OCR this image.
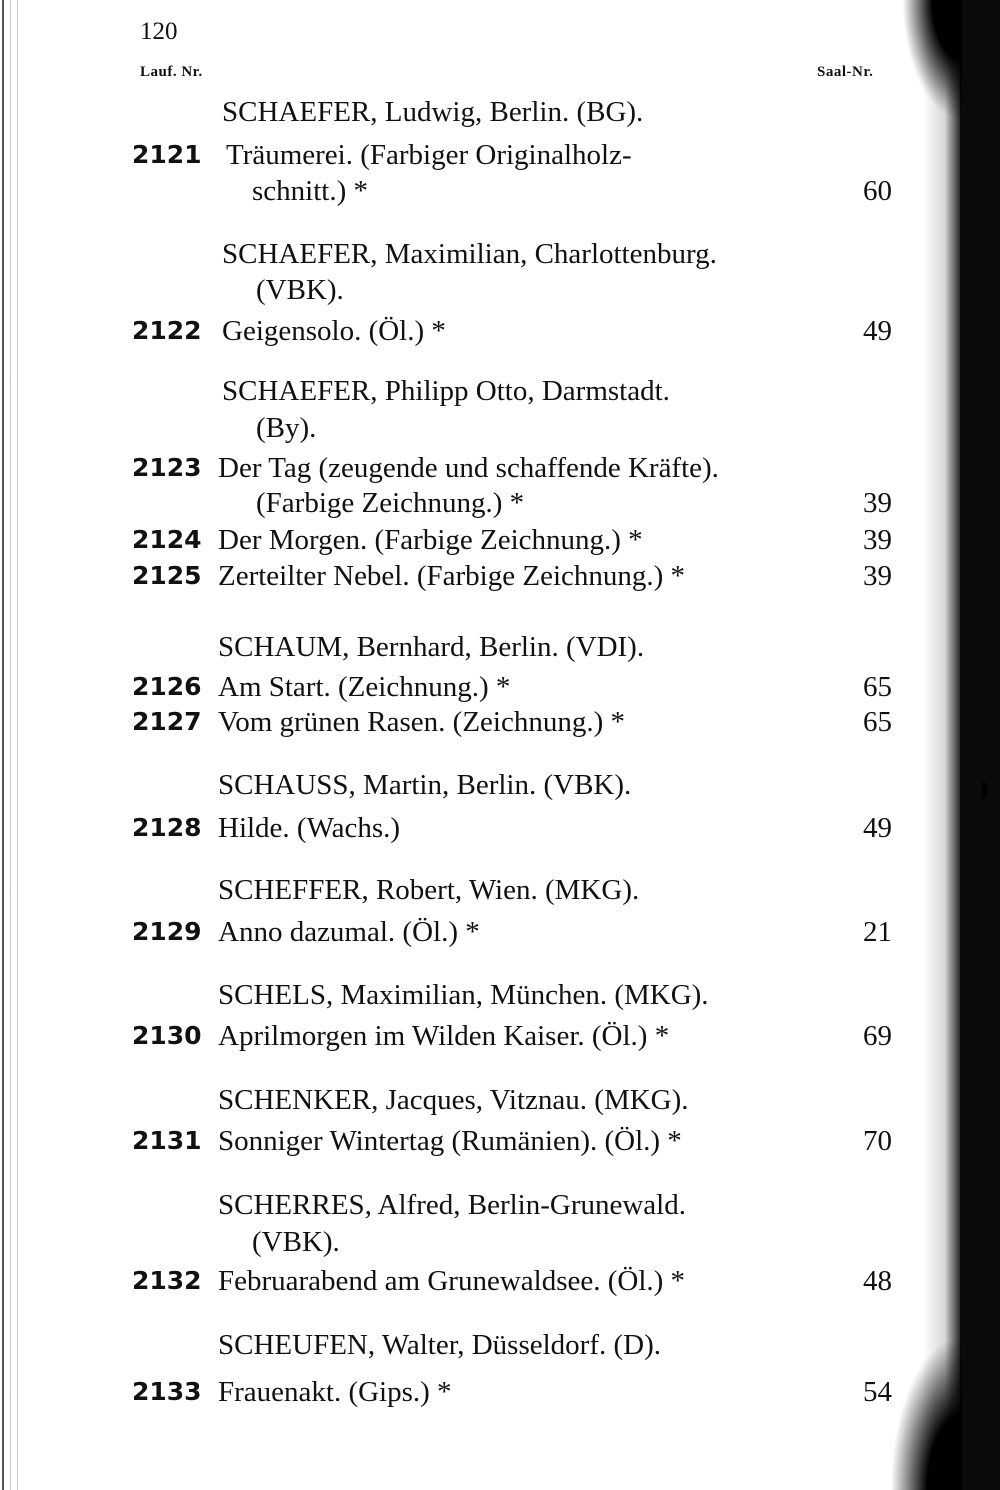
120
Lauf. Nr.	Saal-Nr.
SCHAEFER, Ludwig, Berlin. (BG).
2121 Träumerei. (Farbiger Originalholz-
schnitt.) *	60
SCHAEFER, Maximilian, Charlottenburg.
(VBK).
2122 Geigensolo. (Öl.) *	49
SCHAEFER, Philipp Otto, Darmstadt.
(By).
2123 Der Tag (zeugende und schaffende Kräfte).
(Farbige Zeichnung.) *	39
2124 Der Morgen. (Farbige Zeichnung.) *	39
2125 Zerteilter Nebel. (Farbige Zeichnung.) *	39
SCHAUM, Bernhard, Berlin. (VDI).
2126 Am Start. (Zeichnung.) *	65
2127 Vom grünen Rasen. (Zeichnung.) *	65
SCHAUSS, Martin, Berlin. (VBK).
2128 Hilde. (Wachs.)	49
SCHEFFER, Robert, Wien. (MKG).
2129 Anno dazumal. (Öl.) *	21
SCHELS, Maximilian, München. (MKG).
2130 Aprilmorgen im Wilden Kaiser. (Öl.) *	69
SCHENKER, Jacques, Vitznau. (MKG).
2131 Sonniger Wintertag (Rumänien). (Öl.) *	70
SCHERRES, Alfred, Berlin-Grunewald.
(VBK).
2132 Februarabend am Grunewaldsee. (Öl.) *	48
SCHEUFEN, Walter, Düsseldorf. (D).
2133 Frauenakt. (Gips.) *	54
